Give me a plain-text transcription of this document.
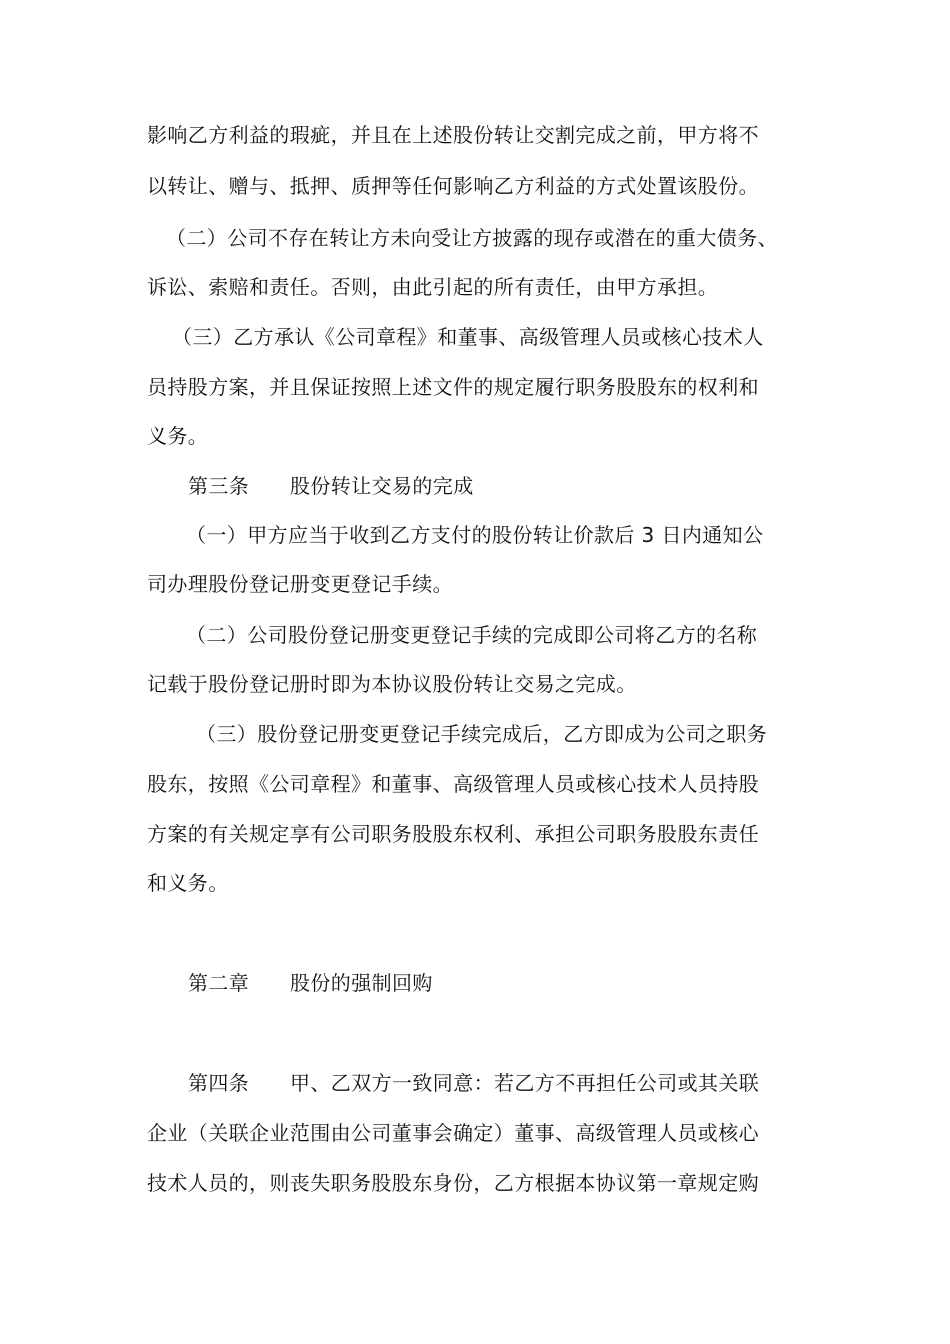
影响乙方利益的瑕疵，并且在上述股份转让交割完成之前，甲方将不
以转让、赠与、抵押、质押等任何影响乙方利益的方式处置该股份。
（二）公司不存在转让方未向受让方披露的现存或潜在的重大债务、
诉讼、索赔和责任。否则，由此引起的所有责任，由甲方承担。
（三）乙方承认《公司章程》和董事、高级管理人员或核心技术人
员持股方案，并且保证按照上述文件的规定履行职务股股东的权利和
义务。
第三条　　股份转让交易的完成
（一）甲方应当于收到乙方支付的股份转让价款后 3 日内通知公
司办理股份登记册变更登记手续。
（二）公司股份登记册变更登记手续的完成即公司将乙方的名称
记载于股份登记册时即为本协议股份转让交易之完成。
（三）股份登记册变更登记手续完成后，乙方即成为公司之职务
股东，按照《公司章程》和董事、高级管理人员或核心技术人员持股
方案的有关规定享有公司职务股股东权利、承担公司职务股股东责任
和义务。
第二章　　股份的强制回购
第四条　　甲、乙双方一致同意：若乙方不再担任公司或其关联
企业（关联企业范围由公司董事会确定）董事、高级管理人员或核心
技术人员的，则丧失职务股股东身份，乙方根据本协议第一章规定购
